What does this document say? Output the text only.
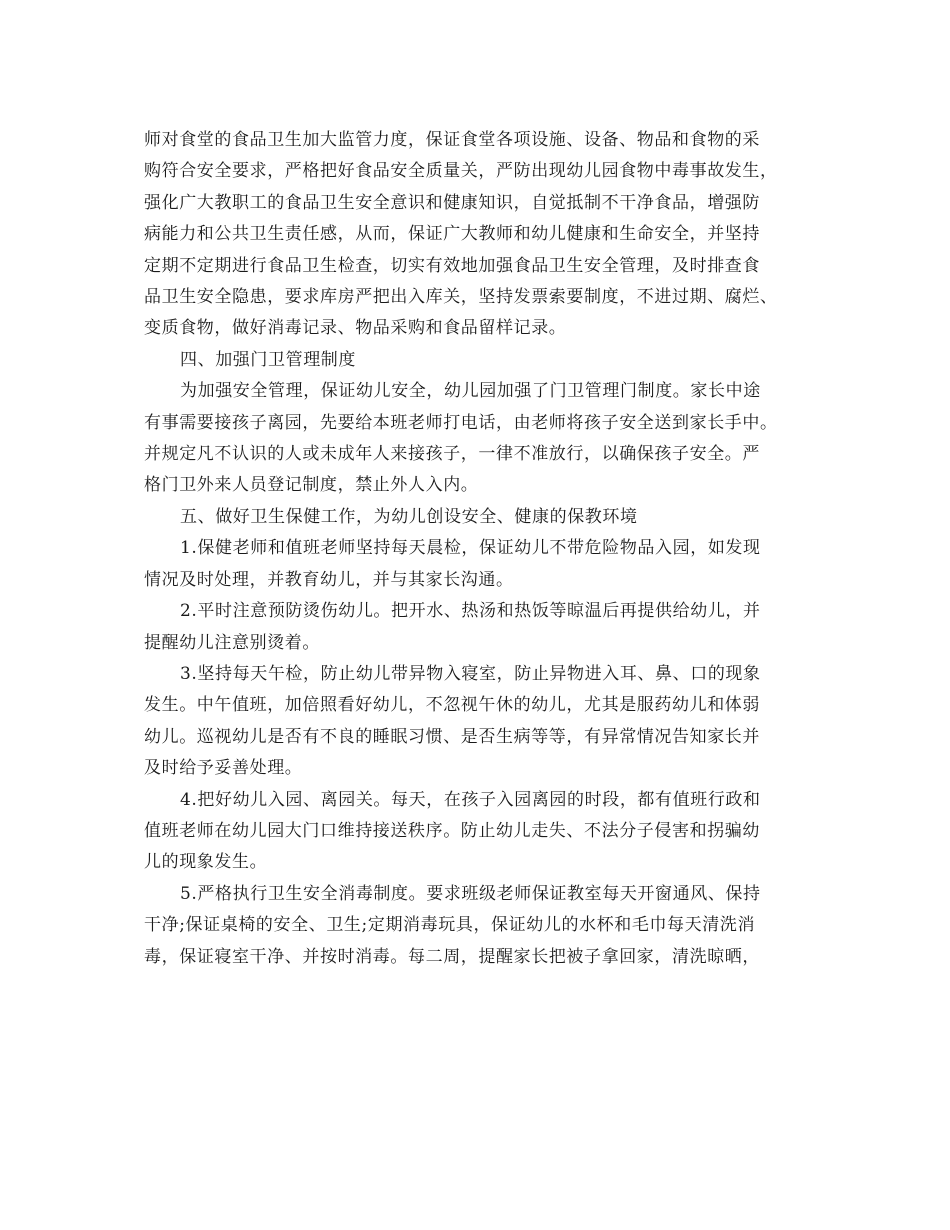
师对食堂的食品卫生加大监管力度，保证食堂各项设施、设备、物品和食物的采
购符合安全要求，严格把好食品安全质量关，严防出现幼儿园食物中毒事故发生，
强化广大教职工的食品卫生安全意识和健康知识，自觉抵制不干净食品，增强防
病能力和公共卫生责任感，从而，保证广大教师和幼儿健康和生命安全，并坚持
定期不定期进行食品卫生检查，切实有效地加强食品卫生安全管理，及时排查食
品卫生安全隐患，要求库房严把出入库关，坚持发票索要制度，不进过期、腐烂、
变质食物，做好消毒记录、物品采购和食品留样记录。

四、加强门卫管理制度

为加强安全管理，保证幼儿安全，幼儿园加强了门卫管理门制度。家长中途
有事需要接孩子离园，先要给本班老师打电话，由老师将孩子安全送到家长手中。
并规定凡不认识的人或未成年人来接孩子，一律不准放行，以确保孩子安全。严
格门卫外来人员登记制度，禁止外人入内。

五、做好卫生保健工作，为幼儿创设安全、健康的保教环境

1.保健老师和值班老师坚持每天晨检，保证幼儿不带危险物品入园，如发现
情况及时处理，并教育幼儿，并与其家长沟通。

2.平时注意预防烫伤幼儿。把开水、热汤和热饭等晾温后再提供给幼儿，并
提醒幼儿注意别烫着。

3.坚持每天午检，防止幼儿带异物入寝室，防止异物进入耳、鼻、口的现象
发生。中午值班，加倍照看好幼儿，不忽视午休的幼儿，尤其是服药幼儿和体弱
幼儿。巡视幼儿是否有不良的睡眠习惯、是否生病等等，有异常情况告知家长并
及时给予妥善处理。

4.把好幼儿入园、离园关。每天，在孩子入园离园的时段，都有值班行政和
值班老师在幼儿园大门口维持接送秩序。防止幼儿走失、不法分子侵害和拐骗幼
儿的现象发生。

5.严格执行卫生安全消毒制度。要求班级老师保证教室每天开窗通风、保持
干净;保证桌椅的安全、卫生;定期消毒玩具，保证幼儿的水杯和毛巾每天清洗消
毒，保证寝室干净、并按时消毒。每二周，提醒家长把被子拿回家，清洗晾晒，
